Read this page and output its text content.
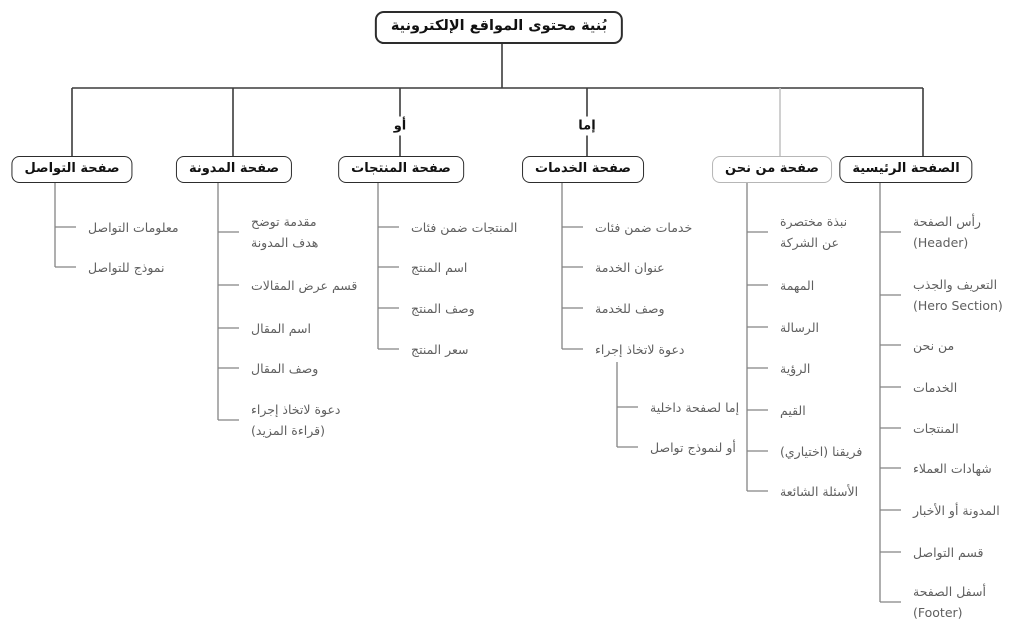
بُنية محتوى المواقع الإلكترونية
صفحة التواصل
معلومات التواصل
نموذج للتواصل
صفحة المدونة
مقدمة توضح
هدف المدونة
قسم عرض المقالات
اسم المقال
وصف المقال
دعوة لاتخاذ إجراء
(قراءة المزيد)
صفحة المنتجات
أو
المنتجات ضمن فئات
اسم المنتج
وصف المنتج
سعر المنتج
صفحة الخدمات
إما
خدمات ضمن فئات
عنوان الخدمة
وصف للخدمة
دعوة لاتخاذ إجراء
إما لصفحة داخلية
أو لنموذج تواصل
صفحة من نحن
نبذة مختصرة
عن الشركة
المهمة
الرسالة
الرؤية
القيم
فريقنا (اختياري)
الأسئلة الشائعة
الصفحة الرئيسية
رأس الصفحة
(Header)
التعريف والجذب
(Hero Section)
من نحن
الخدمات
المنتجات
شهادات العملاء
المدونة أو الأخبار
قسم التواصل
أسفل الصفحة
(Footer)
